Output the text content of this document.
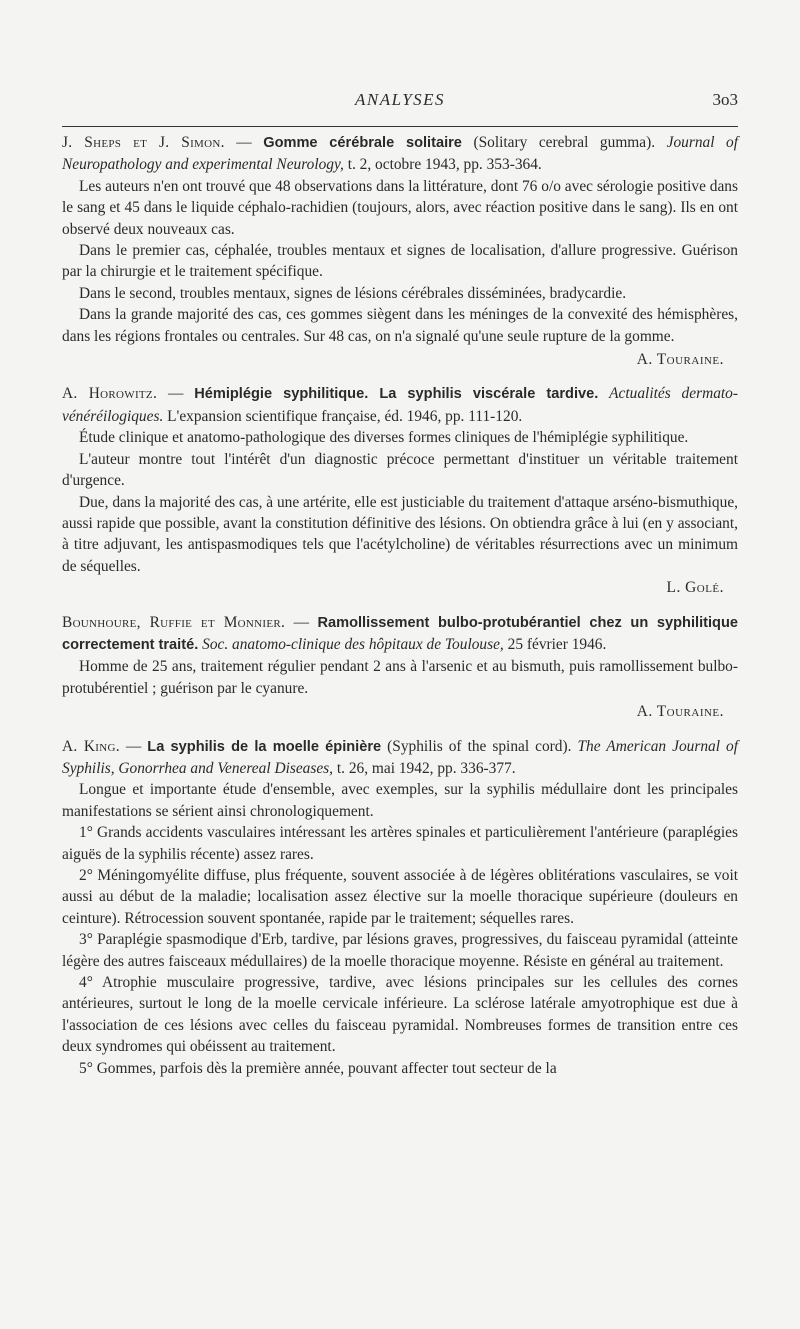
ANALYSES	3o3

J. Sheps et J. Simon. — Gomme cérébrale solitaire (Solitary cerebral gumma). Journal of Neuropathology and experimental Neurology, t. 2, octobre 1943, pp. 353-364.

Les auteurs n'en ont trouvé que 48 observations dans la littérature, dont 76 o/o avec sérologie positive dans le sang et 45 dans le liquide céphalo-rachidien (toujours, alors, avec réaction positive dans le sang). Ils en ont observé deux nouveaux cas.

Dans le premier cas, céphalée, troubles mentaux et signes de localisation, d'allure progressive. Guérison par la chirurgie et le traitement spécifique.

Dans le second, troubles mentaux, signes de lésions cérébrales disséminées, bradycardie.

Dans la grande majorité des cas, ces gommes siègent dans les méninges de la convexité des hémisphères, dans les régions frontales ou centrales. Sur 48 cas, on n'a signalé qu'une seule rupture de la gomme.

A. Touraine.

A. Horowitz. — Hémiplégie syphilitique. La syphilis viscérale tardive. Actualités dermato-vénéréilogiques. L'expansion scientifique française, éd. 1946, pp. 111-120.

Étude clinique et anatomo-pathologique des diverses formes cliniques de l'hémiplégie syphilitique.

L'auteur montre tout l'intérêt d'un diagnostic précoce permettant d'instituer un véritable traitement d'urgence.

Due, dans la majorité des cas, à une artérite, elle est justiciable du traitement d'attaque arséno-bismuthique, aussi rapide que possible, avant la constitution définitive des lésions. On obtiendra grâce à lui (en y associant, à titre adjuvant, les antispasmodiques tels que l'acétylcholine) de véritables résurrections avec un minimum de séquelles.

L. Golé.

Bounhoure, Ruffie et Monnier. — Ramollissement bulbo-protubérantiel chez un syphilitique correctement traité. Soc. anatomo-clinique des hôpitaux de Toulouse, 25 février 1946.

Homme de 25 ans, traitement régulier pendant 2 ans à l'arsenic et au bismuth, puis ramollissement bulbo-protubérentiel ; guérison par le cyanure.

A. Touraine.

A. King. — La syphilis de la moelle épinière (Syphilis of the spinal cord). The American Journal of Syphilis, Gonorrhea and Venereal Diseases, t. 26, mai 1942, pp. 336-377.

Longue et importante étude d'ensemble, avec exemples, sur la syphilis médullaire dont les principales manifestations se sérient ainsi chronologiquement.

1° Grands accidents vasculaires intéressant les artères spinales et particulièrement l'antérieure (paraplégies aiguës de la syphilis récente) assez rares.

2° Méningomyélite diffuse, plus fréquente, souvent associée à de légères oblitérations vasculaires, se voit aussi au début de la maladie; localisation assez élective sur la moelle thoracique supérieure (douleurs en ceinture). Rétrocession souvent spontanée, rapide par le traitement; séquelles rares.

3° Paraplégie spasmodique d'Erb, tardive, par lésions graves, progressives, du faisceau pyramidal (atteinte légère des autres faisceaux médullaires) de la moelle thoracique moyenne. Résiste en général au traitement.

4° Atrophie musculaire progressive, tardive, avec lésions principales sur les cellules des cornes antérieures, surtout le long de la moelle cervicale inférieure. La sclérose latérale amyotrophique est due à l'association de ces lésions avec celles du faisceau pyramidal. Nombreuses formes de transition entre ces deux syndromes qui obéissent au traitement.

5° Gommes, parfois dès la première année, pouvant affecter tout secteur de la
